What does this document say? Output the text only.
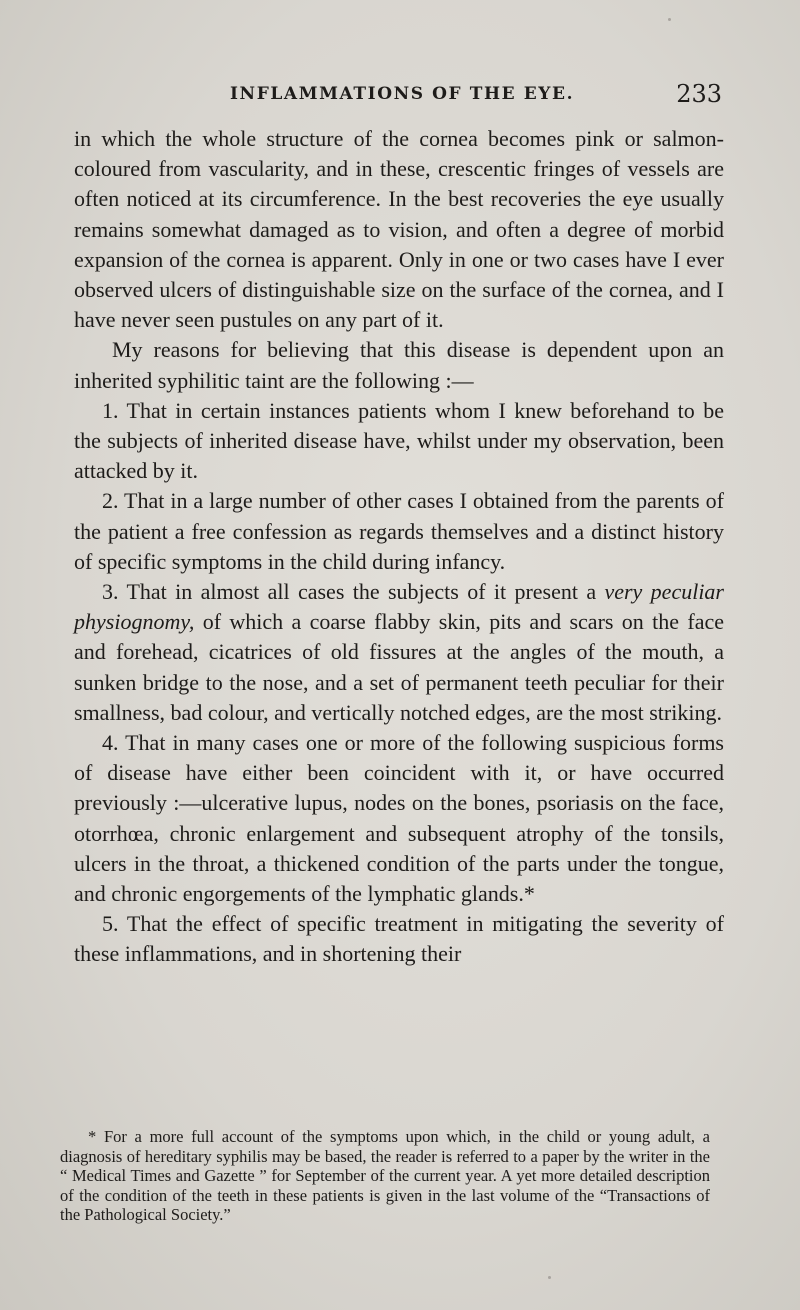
INFLAMMATIONS OF THE EYE.	233

in which the whole structure of the cornea becomes pink or salmon-coloured from vascularity, and in these, crescentic fringes of vessels are often noticed at its circumference. In the best recoveries the eye usually remains somewhat damaged as to vision, and often a degree of morbid expansion of the cornea is apparent. Only in one or two cases have I ever observed ulcers of distinguishable size on the surface of the cornea, and I have never seen pustules on any part of it.

My reasons for believing that this disease is dependent upon an inherited syphilitic taint are the following :—

1. That in certain instances patients whom I knew beforehand to be the subjects of inherited disease have, whilst under my observation, been attacked by it.

2. That in a large number of other cases I obtained from the parents of the patient a free confession as regards themselves and a distinct history of specific symptoms in the child during infancy.

3. That in almost all cases the subjects of it present a very peculiar physiognomy, of which a coarse flabby skin, pits and scars on the face and forehead, cicatrices of old fissures at the angles of the mouth, a sunken bridge to the nose, and a set of permanent teeth peculiar for their smallness, bad colour, and vertically notched edges, are the most striking.

4. That in many cases one or more of the following suspicious forms of disease have either been coincident with it, or have occurred previously :—ulcerative lupus, nodes on the bones, psoriasis on the face, otorrhœa, chronic enlargement and subsequent atrophy of the tonsils, ulcers in the throat, a thickened condition of the parts under the tongue, and chronic engorgements of the lymphatic glands.*

5. That the effect of specific treatment in mitigating the severity of these inflammations, and in shortening their

* For a more full account of the symptoms upon which, in the child or young adult, a diagnosis of hereditary syphilis may be based, the reader is referred to a paper by the writer in the “ Medical Times and Gazette ” for September of the current year. A yet more detailed description of the condition of the teeth in these patients is given in the last volume of the “Transactions of the Pathological Society.”
